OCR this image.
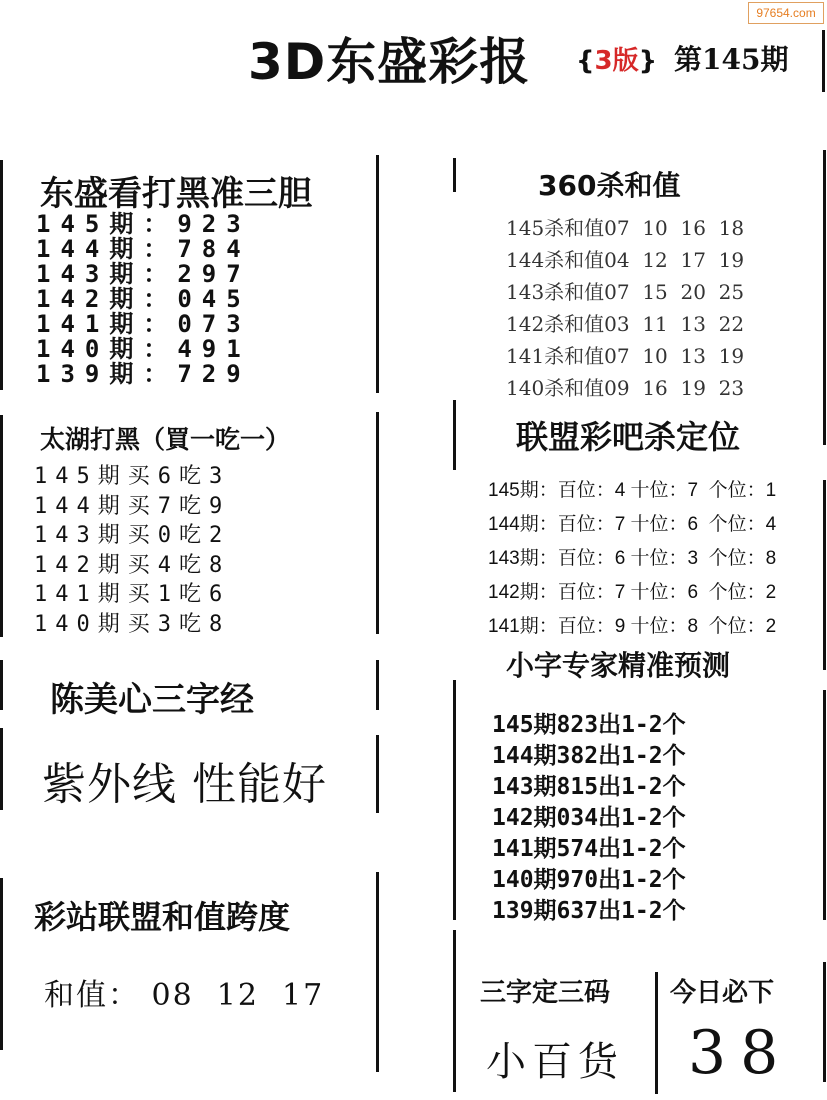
97654.com
3D东盛彩报 {3版} 第145期
东盛看打黑准三胆
145期：923
144期：784
143期：297
142期：045
141期：073
140期：491
139期：729
太湖打黑（買一吃一）
145期买6吃3
144期买7吃9
143期买0吃2
142期买4吃8
141期买1吃6
140期买3吃8
陈美心三字经
紫外线 性能好
彩站联盟和值跨度
和值： 08  12  17
360杀和值
145杀和值07  10  16  18
144杀和值04  12  17  19
143杀和值07  15  20  25
142杀和值03  11  13  22
141杀和值07  10  13  19
140杀和值09  16  19  23
联盟彩吧杀定位
145期：百位：4 十位：7  个位：1
144期：百位：7 十位：6  个位：4
143期：百位：6 十位：3  个位：8
142期：百位：7 十位：6  个位：2
141期：百位：9 十位：8  个位：2
小字专家精准预测
145期823出1-2个
144期382出1-2个
143期815出1-2个
142期034出1-2个
141期574出1-2个
140期970出1-2个
139期637出1-2个
三字定三码
小百货
今日必下
38
